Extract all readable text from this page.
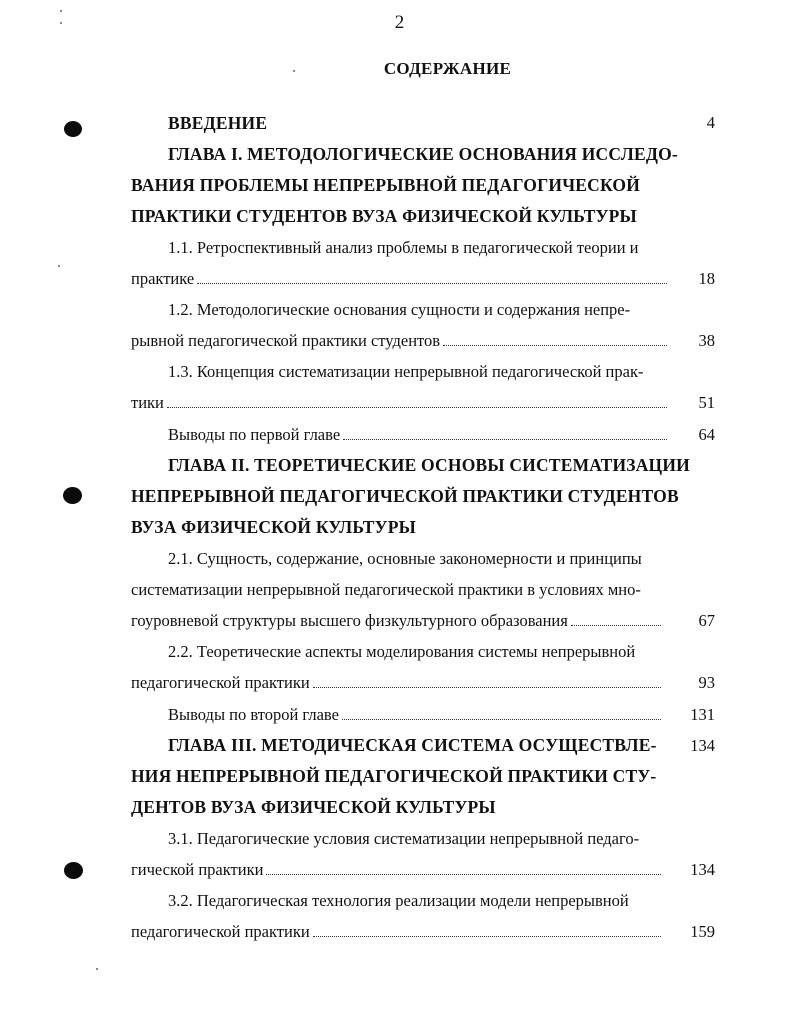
2
СОДЕРЖАНИЕ
ВВЕДЕНИЕ	4
ГЛАВА I. МЕТОДОЛОГИЧЕСКИЕ ОСНОВАНИЯ ИССЛЕДО-
ВАНИЯ ПРОБЛЕМЫ НЕПРЕРЫВНОЙ ПЕДАГОГИЧЕСКОЙ
ПРАКТИКИ СТУДЕНТОВ ВУЗА ФИЗИЧЕСКОЙ КУЛЬТУРЫ
1.1. Ретроспективный анализ проблемы в педагогической теории и
практике	18
1.2. Методологические основания сущности и содержания непре-
рывной педагогической практики студентов	38
1.3. Концепция систематизации непрерывной педагогической прак-
тики	51
Выводы по первой главе	64
ГЛАВА II. ТЕОРЕТИЧЕСКИЕ ОСНОВЫ СИСТЕМАТИЗАЦИИ
НЕПРЕРЫВНОЙ ПЕДАГОГИЧЕСКОЙ ПРАКТИКИ СТУДЕНТОВ
ВУЗА ФИЗИЧЕСКОЙ КУЛЬТУРЫ
2.1. Сущность, содержание, основные закономерности и принципы
систематизации непрерывной педагогической практики в условиях мно-
гоуровневой структуры высшего физкультурного образования	67
2.2. Теоретические аспекты моделирования системы непрерывной
педагогической практики	93
Выводы по второй главе	131
ГЛАВА III. МЕТОДИЧЕСКАЯ СИСТЕМА ОСУЩЕСТВЛЕ- 134
НИЯ НЕПРЕРЫВНОЙ ПЕДАГОГИЧЕСКОЙ ПРАКТИКИ СТУ-
ДЕНТОВ ВУЗА ФИЗИЧЕСКОЙ КУЛЬТУРЫ
3.1. Педагогические условия систематизации непрерывной педаго-
гической практики	134
3.2. Педагогическая технология реализации модели непрерывной
педагогической практики	159
